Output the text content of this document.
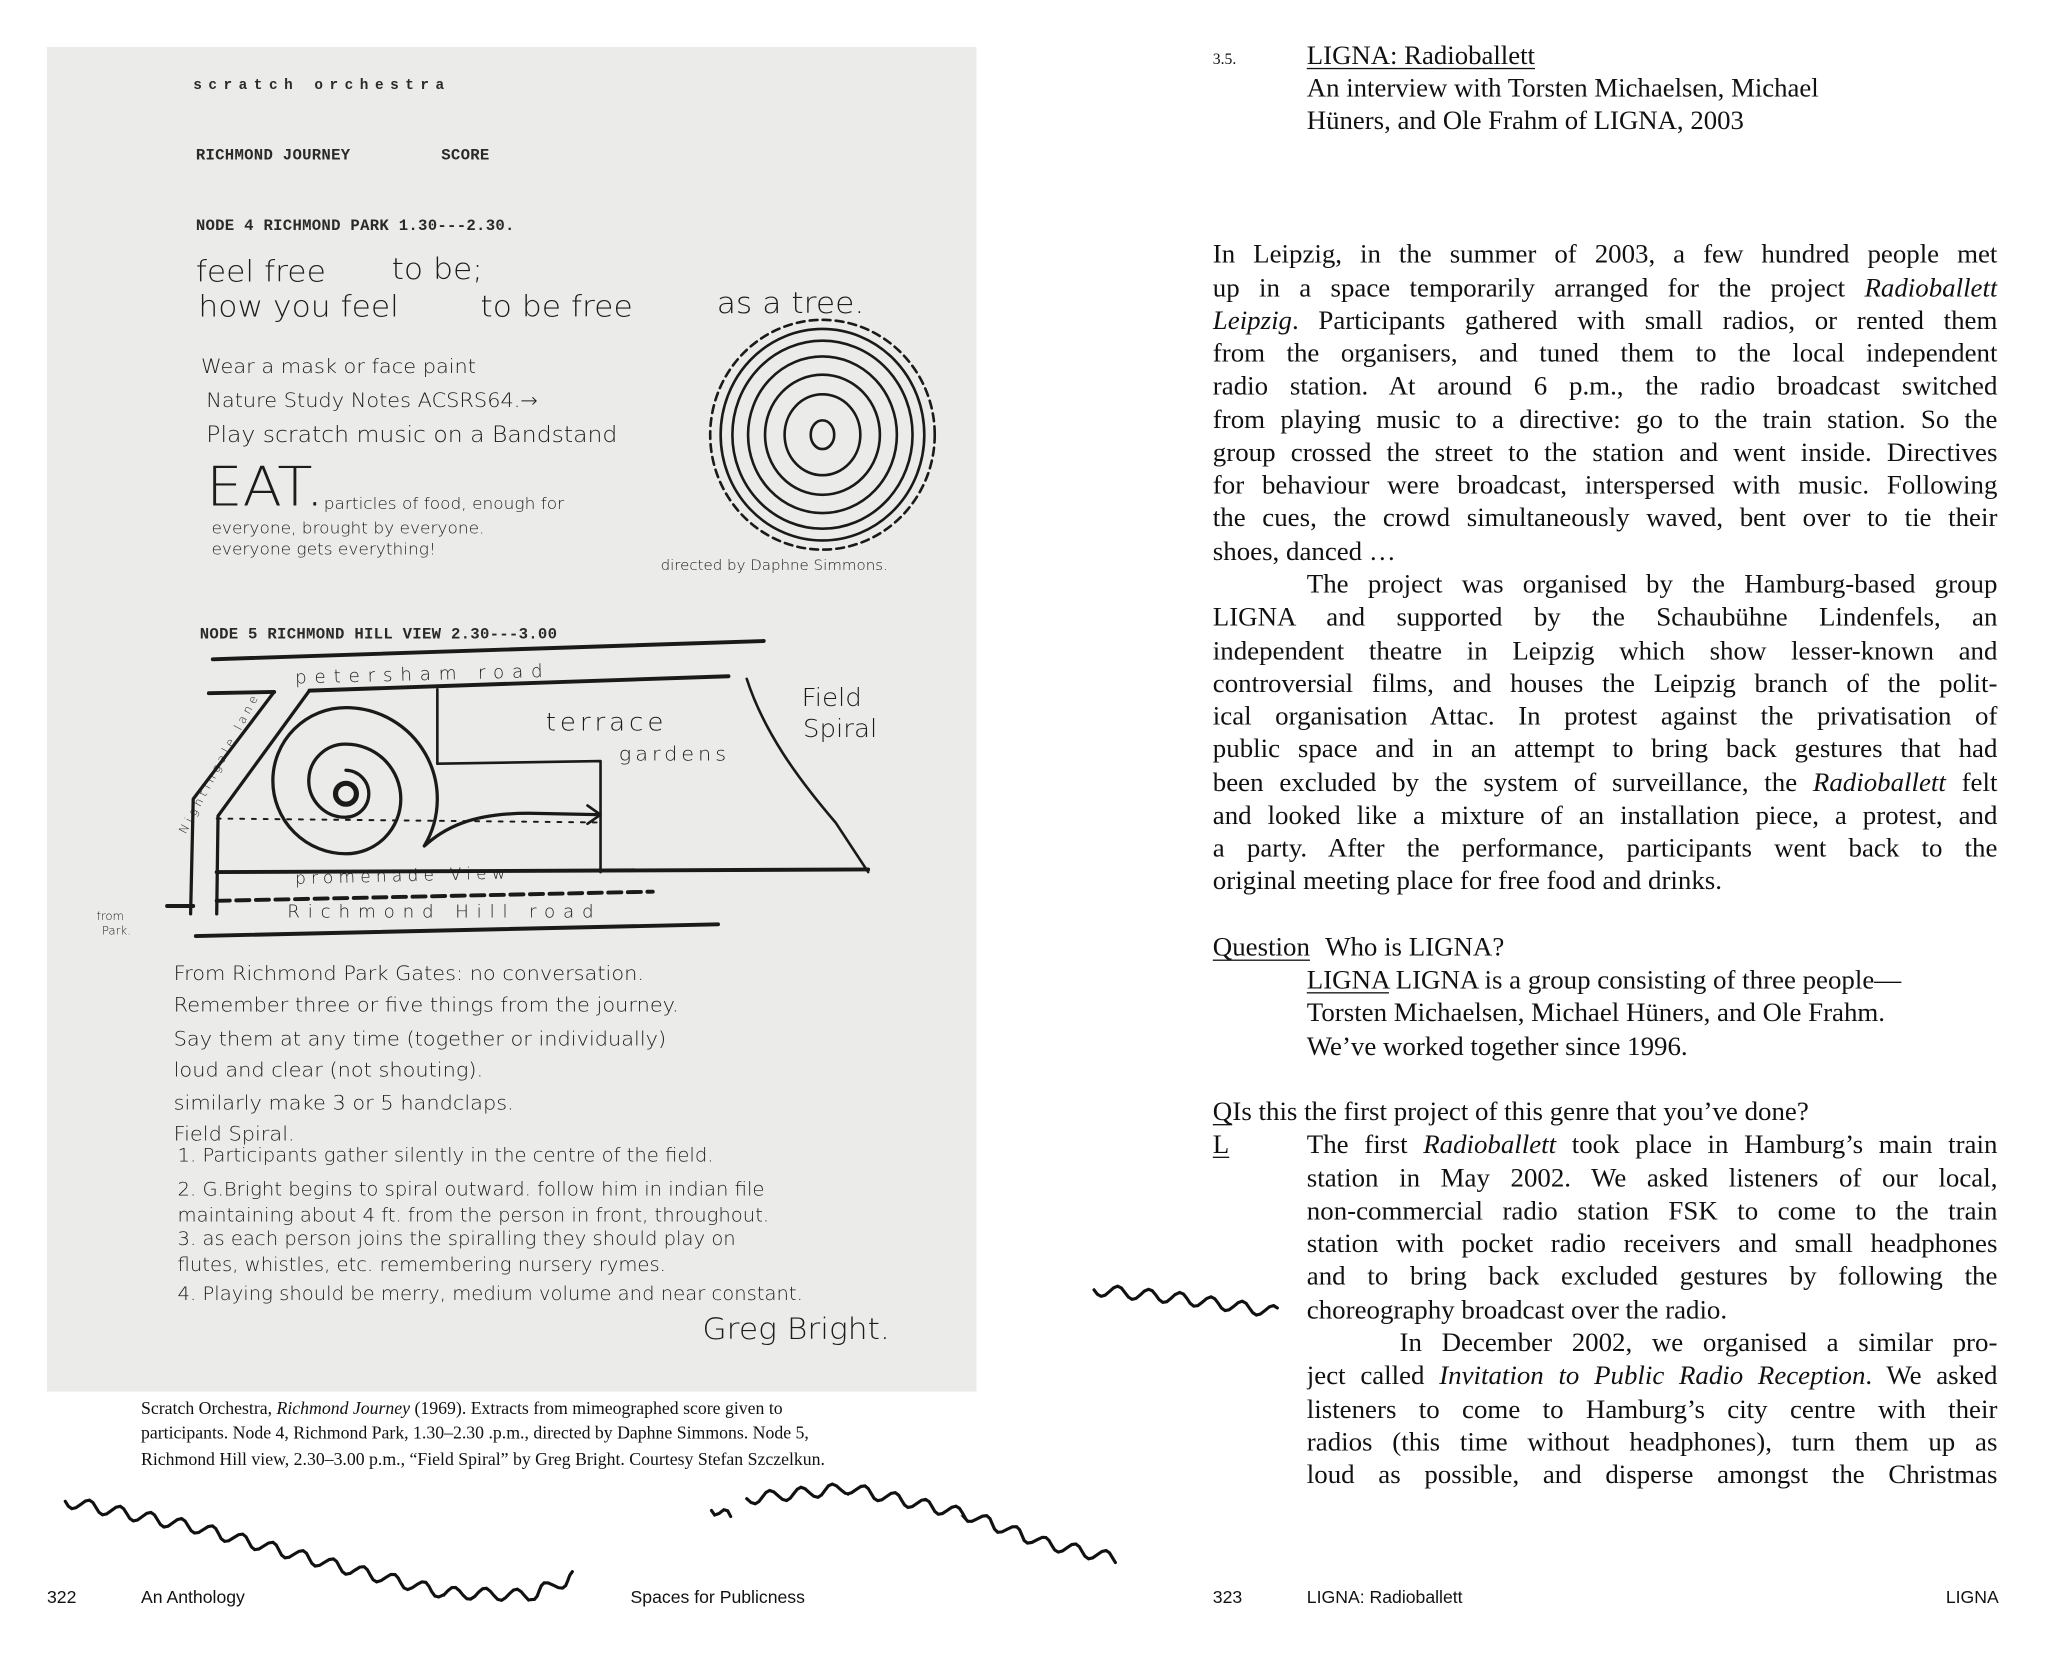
scratch orchestra
RICHMOND JOURNEY	SCORE
NODE 4 RICHMOND PARK 1.30---2.30.
feel free	to be;
how you feel	to be free	as a tree.
Wear a mask or face paint
Nature Study Notes ACSRS64.→
Play scratch music on a Bandstand
EAT. particles of food, enough for
everyone, brought by everyone.
everyone gets everything!
directed by Daphne Simmons.
NODE 5 RICHMOND HILL VIEW 2.30---3.00
petersham road
terrace
gardens
Field
Spiral
Nightingale lane
promenade View
Richmond Hill road
from
Park.
From Richmond Park Gates: no conversation.
Remember three or five things from the journey.
Say them at any time (together or individually)
loud and clear (not shouting).
similarly make 3 or 5 handclaps.
Field Spiral.
1. Participants gather silently in the centre of the field.
2. G.Bright begins to spiral outward. follow him in indian file
maintaining about 4 ft. from the person in front, throughout.
3. as each person joins the spiralling they should play on
flutes, whistles, etc. remembering nursery rymes.
4. Playing should be merry, medium volume and near constant.
Greg Bright.
Scratch Orchestra, Richmond Journey (1969). Extracts from mimeographed score given to participants. Node 4, Richmond Park, 1.30–2.30 .p.m., directed by Daphne Simmons. Node 5, Richmond Hill view, 2.30–3.00 p.m., “Field Spiral” by Greg Bright. Courtesy Stefan Szczelkun.
322	An Anthology	Spaces for Publicness
3.5.	LIGNA: Radioballett
An interview with Torsten Michaelsen, Michael
Hüners, and Ole Frahm of LIGNA, 2003
In Leipzig, in the summer of 2003, a few hundred people met
up in a space temporarily arranged for the project Radioballett
Leipzig. Participants gathered with small radios, or rented them
from the organisers, and tuned them to the local independent
radio station. At around 6 p.m., the radio broadcast switched
from playing music to a directive: go to the train station. So the
group crossed the street to the station and went inside. Directives
for behaviour were broadcast, interspersed with music. Following
the cues, the crowd simultaneously waved, bent over to tie their
shoes, danced …
The project was organised by the Hamburg-based group
LIGNA and supported by the Schaubühne Lindenfels, an
independent theatre in Leipzig which show lesser-known and
controversial films, and houses the Leipzig branch of the polit-
ical organisation Attac. In protest against the privatisation of
public space and in an attempt to bring back gestures that had
been excluded by the system of surveillance, the Radioballett felt
and looked like a mixture of an installation piece, a protest, and
a party. After the performance, participants went back to the
original meeting place for free food and drinks.
Question Who is LIGNA?
LIGNA LIGNA is a group consisting of three people—
Torsten Michaelsen, Michael Hüners, and Ole Frahm.
We’ve worked together since 1996.
Q Is this the first project of this genre that you’ve done?
L	The first Radioballett took place in Hamburg’s main train
station in May 2002. We asked listeners of our local,
non-commercial radio station FSK to come to the train
station with pocket radio receivers and small headphones
and to bring back excluded gestures by following the
choreography broadcast over the radio.
In December 2002, we organised a similar pro-
ject called Invitation to Public Radio Reception. We asked
listeners to come to Hamburg’s city centre with their
radios (this time without headphones), turn them up as
loud as possible, and disperse amongst the Christmas
323	LIGNA: Radioballett	LIGNA
